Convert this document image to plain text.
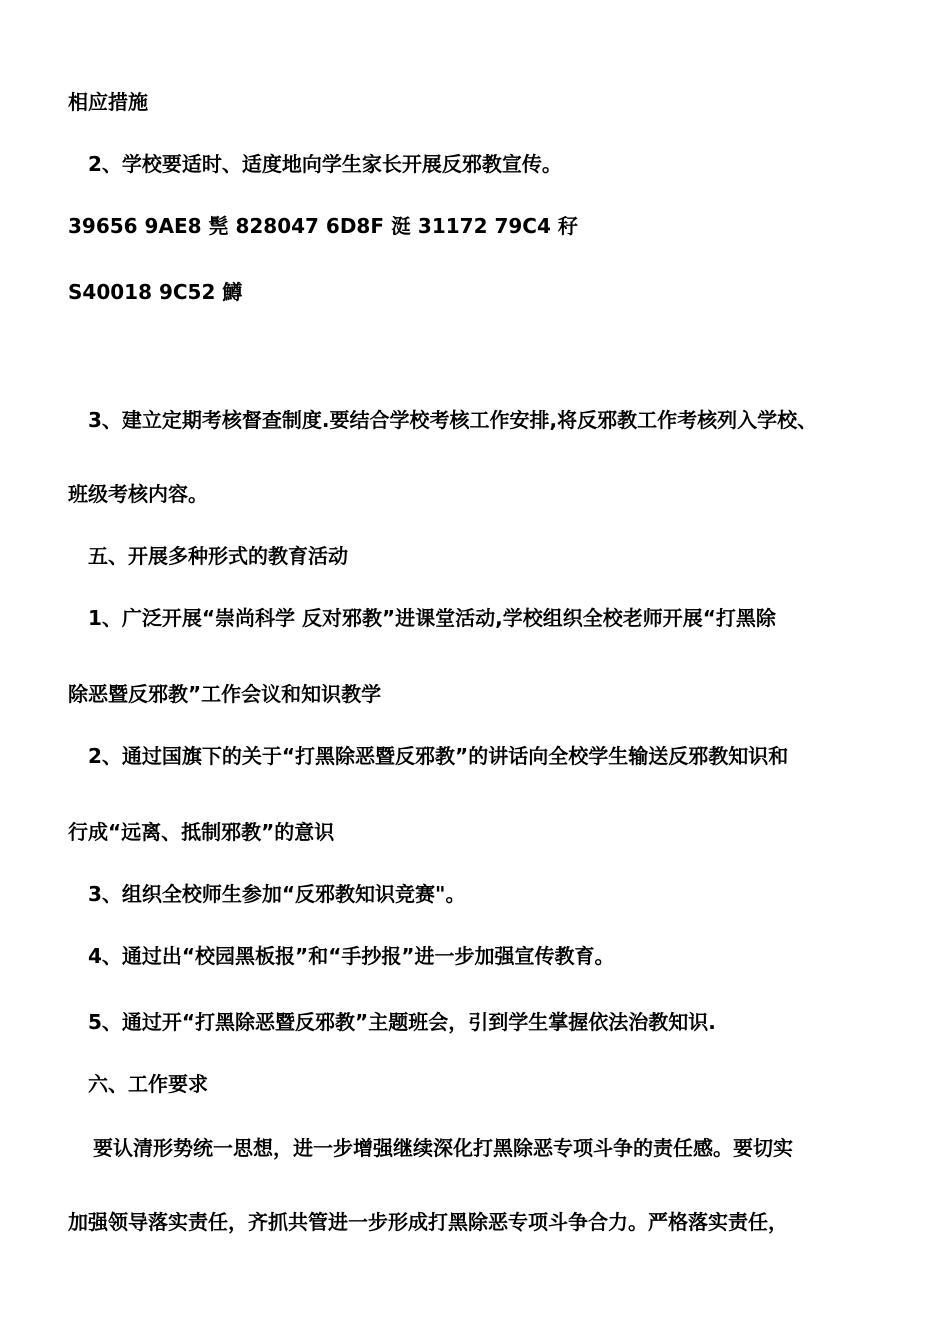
相应措施
2、学校要适时、适度地向学生家长开展反邪教宣传。
39656 9AE8 髨 828047 6D8F 涏 31172 79C4 秄
S40018 9C52 鱒
3、建立定期考核督查制度.要结合学校考核工作安排,将反邪教工作考核列入学校、
班级考核内容。
五、开展多种形式的教育活动
1、广泛开展“崇尚科学 反对邪教”进课堂活动,学校组织全校老师开展“打黑除
除恶暨反邪教”工作会议和知识教学
2、通过国旗下的关于“打黑除恶暨反邪教”的讲话向全校学生输送反邪教知识和
行成“远离、抵制邪教”的意识
3、组织全校师生参加“反邪教知识竞赛"。
4、通过出“校园黑板报”和“手抄报”进一步加强宣传教育。
5、通过开“打黑除恶暨反邪教”主题班会，引到学生掌握依法治教知识.
六、工作要求
要认清形势统一思想，进一步增强继续深化打黑除恶专项斗争的责任感。要切实
加强领导落实责任，齐抓共管进一步形成打黑除恶专项斗争合力。严格落实责任，
